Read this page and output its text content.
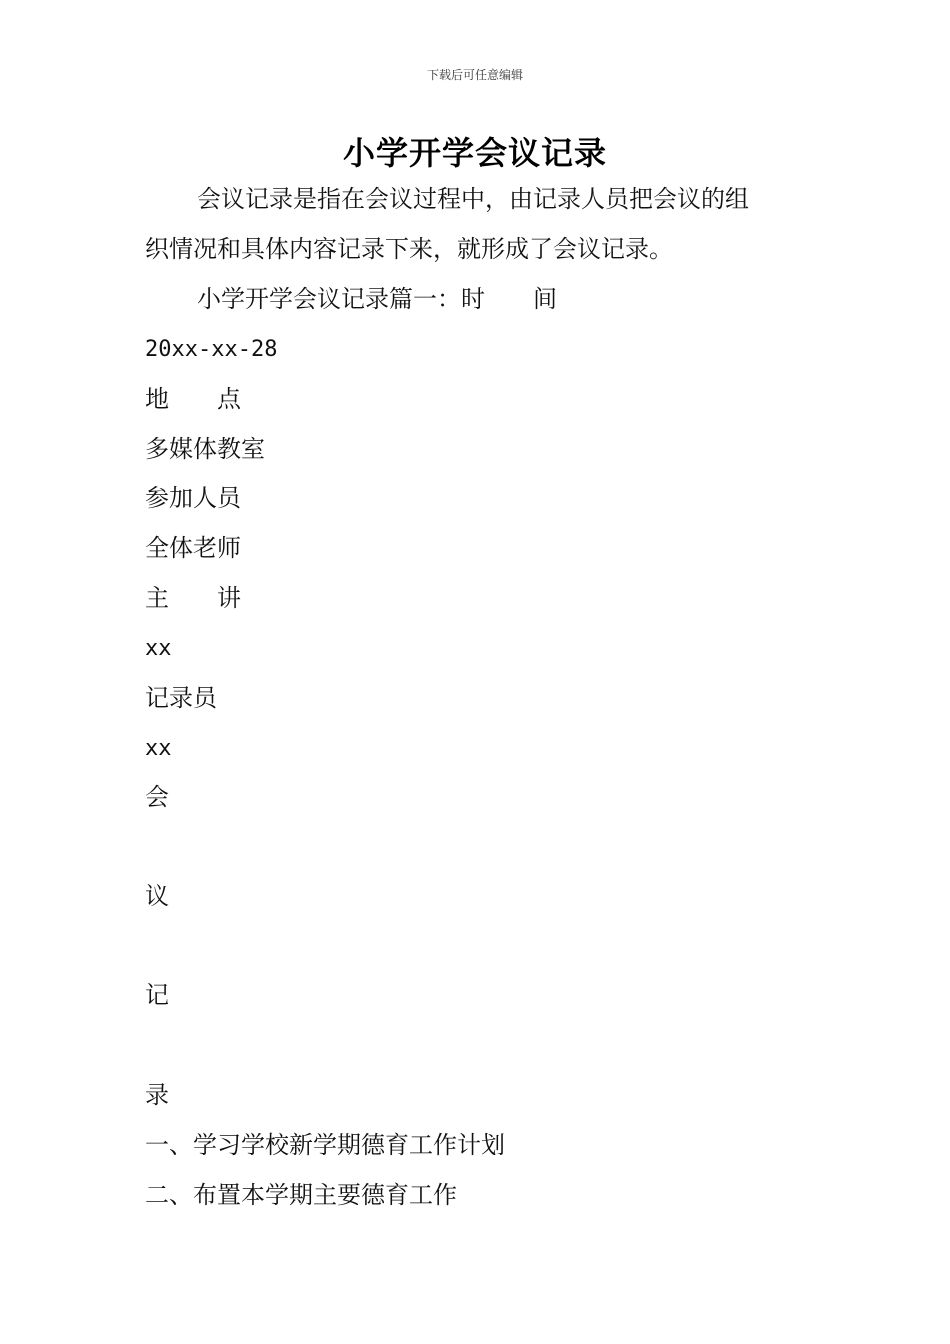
下载后可任意编辑
小学开学会议记录
会议记录是指在会议过程中，由记录人员把会议的组
织情况和具体内容记录下来，就形成了会议记录。
小学开学会议记录篇一：时　　间
20xx-xx-28
地　　点
多媒体教室
参加人员
全体老师
主　　讲
xx
记录员
xx
会
议
记
录
一、学习学校新学期德育工作计划
二、布置本学期主要德育工作
